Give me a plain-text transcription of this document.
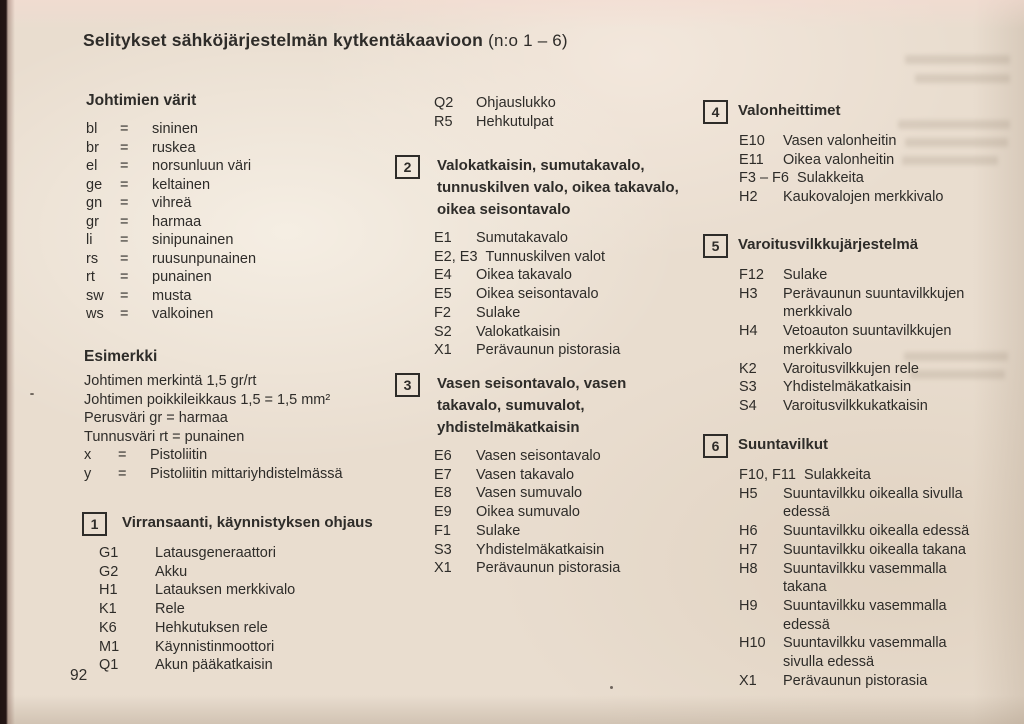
Selitykset sähköjärjestelmän kytkentäkaavioon (n:o 1 – 6)
Johtimien värit
bl	=	sininen
br	=	ruskea
el	=	norsunluun väri
ge	=	keltainen
gn	=	vihreä
gr	=	harmaa
li	=	sinipunainen
rs	=	ruusunpunainen
rt	=	punainen
sw	=	musta
ws	=	valkoinen
Esimerkki
Johtimen merkintä 1,5 gr/rt
Johtimen poikkileikkaus 1,5 = 1,5 mm²
Perusväri gr = harmaa
Tunnusväri rt = punainen
x	=	Pistoliitin
y	=	Pistoliitin mittariyhdistelmässä
Q2	Ohjauslukko
R5	Hehkutulpat
1	Virransaanti, käynnistyksen ohjaus
G1	Latausgeneraattori
G2	Akku
H1	Latauksen merkkivalo
K1	Rele
K6	Hehkutuksen rele
M1	Käynnistinmoottori
Q1	Akun pääkatkaisin
2	Valokatkaisin, sumutakavalo, tunnuskilven valo, oikea takavalo, oikea seisontavalo
E1	Sumutakavalo
E2, E3 Tunnuskilven valot
E4	Oikea takavalo
E5	Oikea seisontavalo
F2	Sulake
S2	Valokatkaisin
X1	Perävaunun pistorasia
3	Vasen seisontavalo, vasen takavalo, sumuvalot, yhdistelmäkatkaisin
E6	Vasen seisontavalo
E7	Vasen takavalo
E8	Vasen sumuvalo
E9	Oikea sumuvalo
F1	Sulake
S3	Yhdistelmäkatkaisin
X1	Perävaunun pistorasia
4	Valonheittimet
E10	Vasen valonheitin
E11	Oikea valonheitin
F3 – F6 Sulakkeita
H2	Kaukovalojen merkkivalo
5	Varoitusvilkkujärjestelmä
F12	Sulake
H3	Perävaunun suuntavilkkujen merkkivalo
H4	Vetoauton suuntavilkkujen merkkivalo
K2	Varoitusvilkkujen rele
S3	Yhdistelmäkatkaisin
S4	Varoitusvilkkukatkaisin
6	Suuntavilkut
F10, F11 Sulakkeita
H5	Suuntavilkku oikealla sivulla edessä
H6	Suuntavilkku oikealla edessä
H7	Suuntavilkku oikealla takana
H8	Suuntavilkku vasemmalla takana
H9	Suuntavilkku vasemmalla edessä
H10	Suuntavilkku vasemmalla sivulla edessä
X1	Perävaunun pistorasia
92
